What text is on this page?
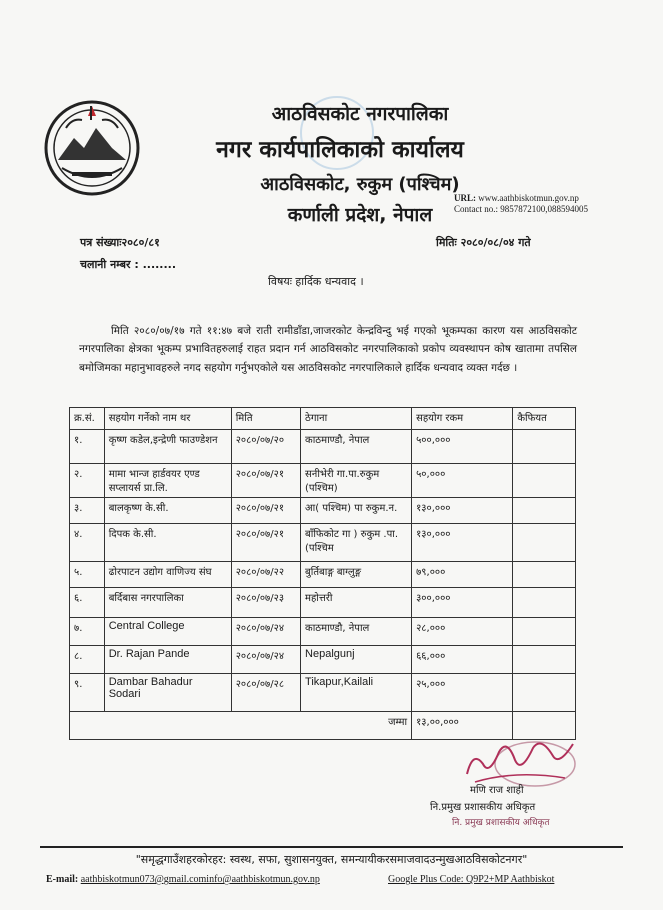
आठविसकोट नगरपालिका
नगर कार्यपालिकाको कार्यालय
आठविसकोट, रुकुम (पश्चिम)
कर्णाली प्रदेश, नेपाल
URL: www.aathbiskotmun.gov.np
Contact no.: 9857872100,088594005
पत्र संख्याः२०८०/८१	मितिः २०८०/०८/०४ गते
चलानी नम्बर : ........
विषयः हार्दिक धन्यवाद ।
मिति २०८०/०७/१७ गते ११:४७ बजे राती रामीडाँडा,जाजरकोट केन्द्रविन्दु भई गएको भूकम्पका कारण यस आठविसकोट नगरपालिका क्षेत्रका भूकम्प प्रभावितहरुलाई राहत प्रदान गर्न आठविसकोट नगरपालिकाको प्रकोप व्यवस्थापन कोष खातामा तपसिल बमोजिमका महानुभावहरुले नगद सहयोग गर्नुभएकोले यस आठविसकोट नगरपालिकाले हार्दिक धन्यवाद व्यक्त गर्दछ ।
क्र.सं.	सहयोग गर्नेको नाम थर	मिति	ठेगाना	सहयोग रकम	कैफियत
१.	कृष्ण कडेल,इन्द्रेणी फाउण्डेशन	२०८०/०७/२०	काठमाण्डौ, नेपाल	५००,०००	
२.	मामा भान्ज हार्डवयर एण्ड सप्लायर्स प्रा.लि.	२०८०/०७/२१	सनीभेरी गा.पा.रुकुम (पश्चिम)	५०,०००	
३.	बालकृष्ण के.सी.	२०८०/०७/२१	आ( पश्चिम) पा रुकुम.न.	१३०,०००	
४.	दिपक के.सी.	२०८०/०७/२१	बाँफिकोट गा ) रुकुम .पा. (पश्चिम	१३०,०००	
५.	ढोरपाटन उद्योग वाणिज्य संघ	२०८०/०७/२२	बुर्तिबाङ्ग बाग्लुङ्ग	७९,०००	
६.	बर्दिबास नगरपालिका	२०८०/०७/२३	महोत्तरी	३००,०००	
७.	Central College	२०८०/०७/२४	काठमाण्डौ, नेपाल	२८,०००	
८.	Dr. Rajan Pande	२०८०/०७/२४	Nepalgunj	६६,०००	
९.	Dambar Bahadur Sodari	२०८०/०७/२८	Tikapur,Kailali	२५,०००	
जम्मा				१३,००,०००	
मणि राज शाही
नि.प्रमुख प्रशासकीय अधिकृत
नि. प्रमुख प्रशासकीय अधिकृत
"समृद्धगाउँशहरकोरहर: स्वस्थ, सफा, सुशासनयुक्त, समन्यायीकरसमाजवादउन्मुखआठविसकोटनगर"
E-mail: aathbiskotmun073@gmail.cominfo@aathbiskotmun.gov.np	Google Plus Code: Q9P2+MP Aathbiskot
